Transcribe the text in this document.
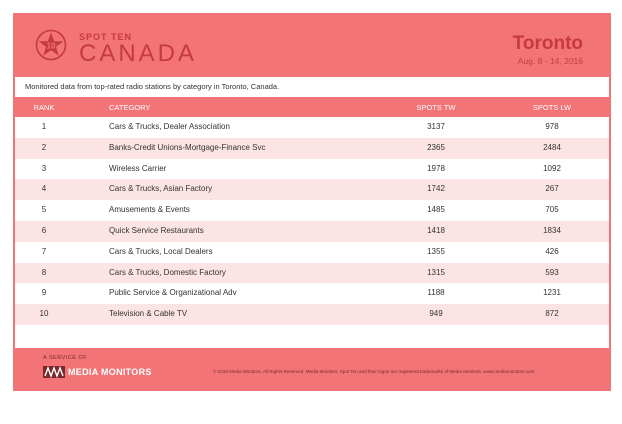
10
SPOT TEN
CANADA	Toronto
Aug. 8 - 14, 2016
Monitored data from top-rated radio stations by category in Toronto, Canada.
RANK	CATEGORY	SPOTS TW	SPOTS LW
1	Cars & Trucks, Dealer Association	3137	978
2	Banks-Credit Unions-Mortgage-Finance Svc	2365	2484
3	Wireless Carrier	1978	1092
4	Cars & Trucks, Asian Factory	1742	267
5	Amusements & Events	1485	705
6	Quick Service Restaurants	1418	1834
7	Cars & Trucks, Local Dealers	1355	426
8	Cars & Trucks, Domestic Factory	1315	593
9	Public Service & Organizational Adv	1188	1231
10	Television & Cable TV	949	872
A SERVICE OF
MEDIA MONITORS	© 2016 Media Monitors. All Rights Reserved. Media Monitors, Spot Ten and their logos are registered trademarks of Media Monitors. www.mediamonitors.com
